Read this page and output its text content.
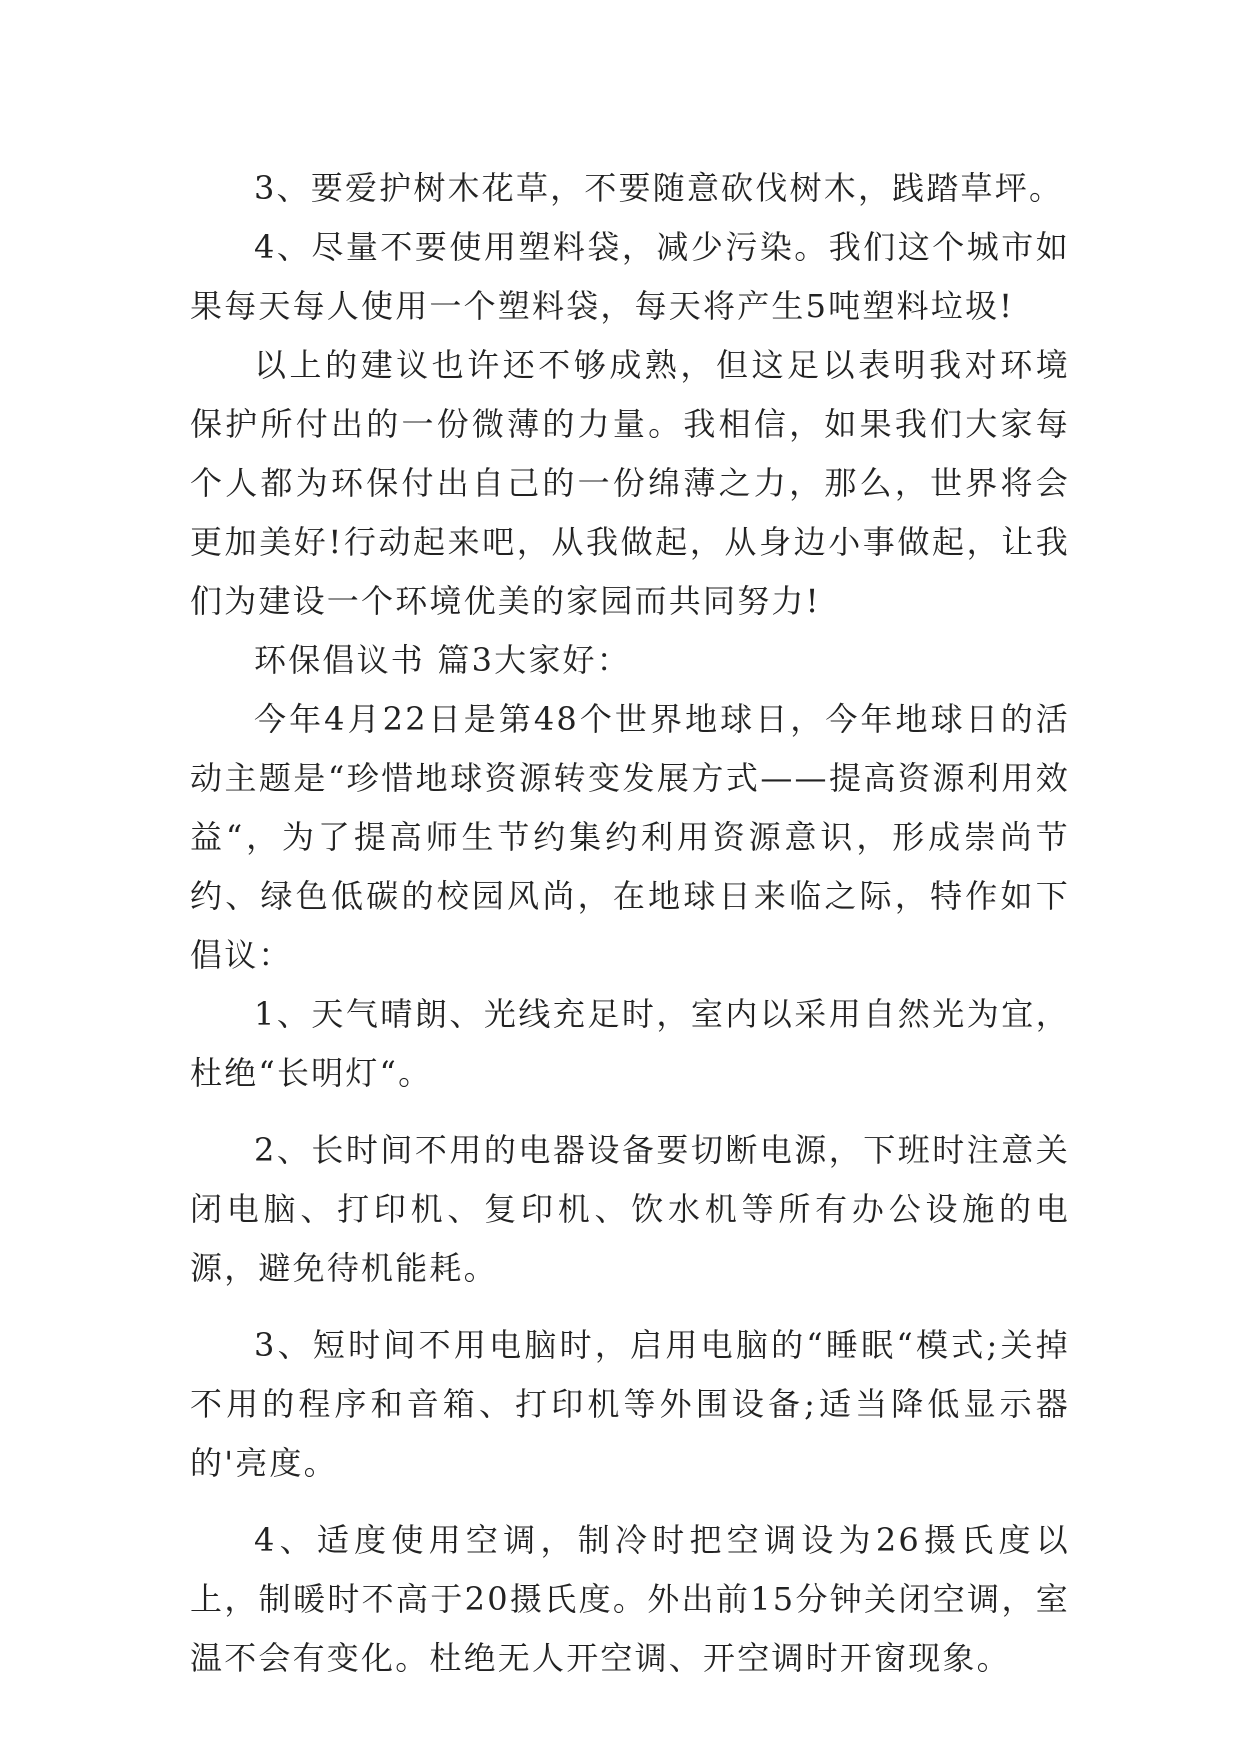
3、要爱护树木花草，不要随意砍伐树木，践踏草坪。

4、尽量不要使用塑料袋，减少污染。我们这个城市如果每天每人使用一个塑料袋，每天将产生5吨塑料垃圾!

以上的建议也许还不够成熟，但这足以表明我对环境保护所付出的一份微薄的力量。我相信，如果我们大家每个人都为环保付出自己的一份绵薄之力，那么，世界将会更加美好!行动起来吧，从我做起，从身边小事做起，让我们为建设一个环境优美的家园而共同努力!

环保倡议书 篇3大家好：

今年4月22日是第48个世界地球日，今年地球日的活动主题是“珍惜地球资源转变发展方式——提高资源利用效益“，为了提高师生节约集约利用资源意识，形成崇尚节约、绿色低碳的校园风尚，在地球日来临之际，特作如下倡议：

1、天气晴朗、光线充足时，室内以采用自然光为宜，杜绝“长明灯“。

2、长时间不用的电器设备要切断电源，下班时注意关闭电脑、打印机、复印机、饮水机等所有办公设施的电源，避免待机能耗。

3、短时间不用电脑时，启用电脑的“睡眠“模式;关掉不用的程序和音箱、打印机等外围设备;适当降低显示器的'亮度。

4、适度使用空调，制冷时把空调设为26摄氏度以上，制暖时不高于20摄氏度。外出前15分钟关闭空调，室温不会有变化。杜绝无人开空调、开空调时开窗现象。
